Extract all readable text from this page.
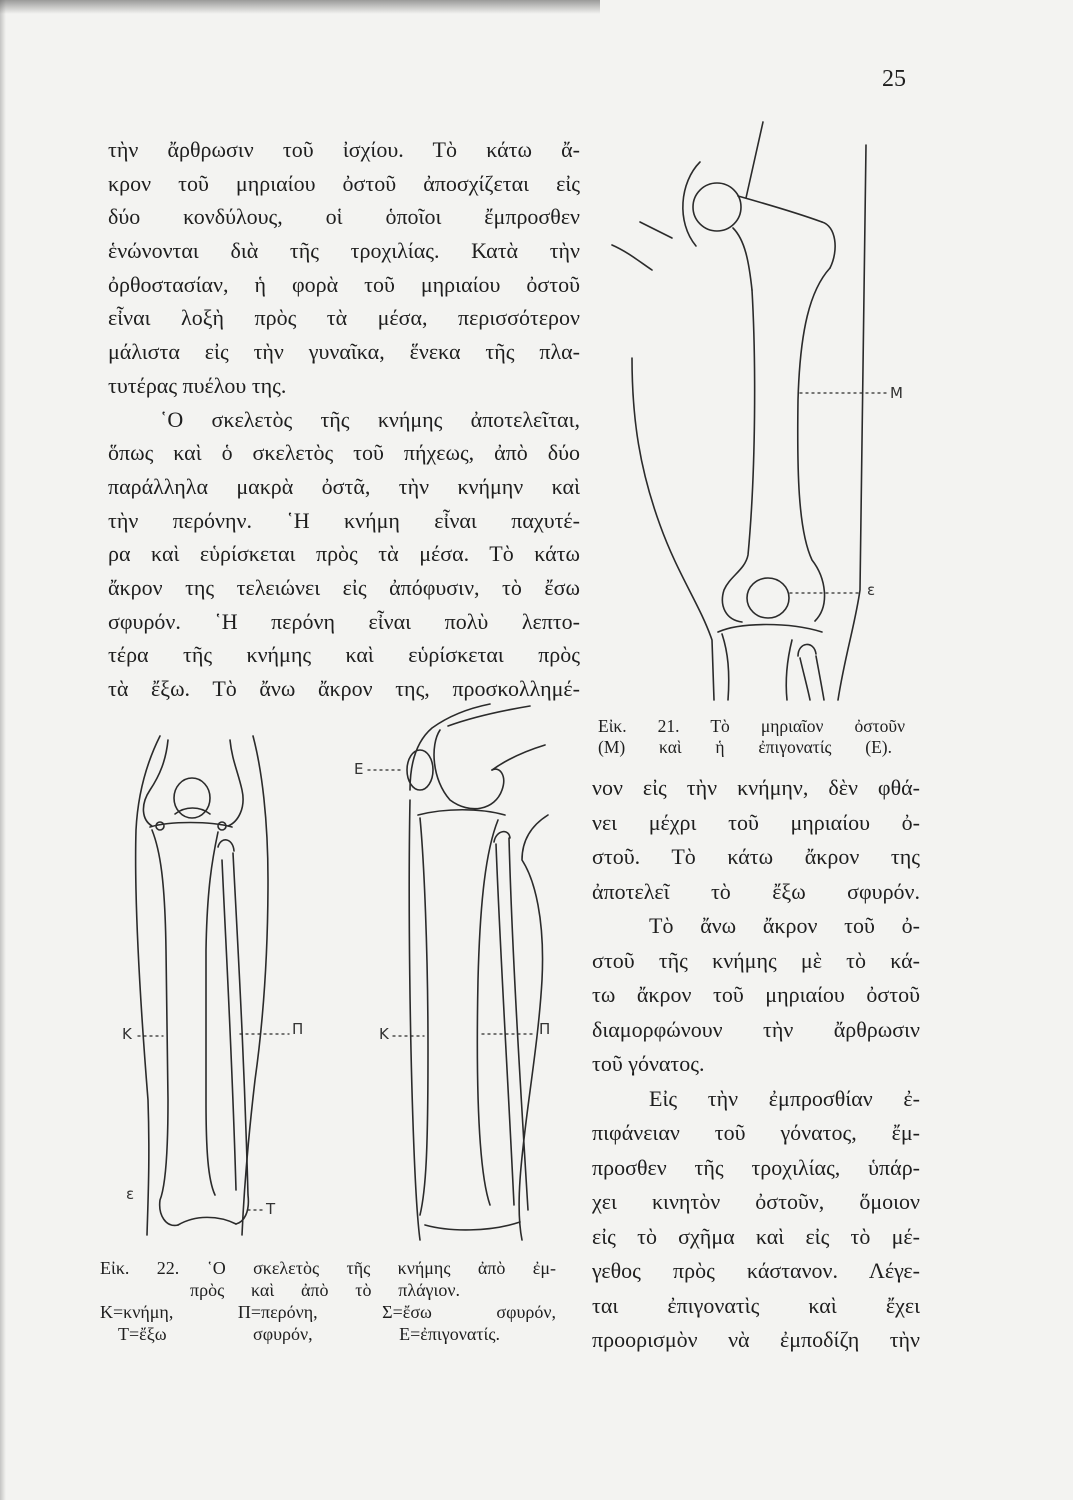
25
τὴν ἄρθρωσιν τοῦ ἰσχίου. Τὸ κάτω ἄ-
κρον τοῦ μηριαίου ὀστοῦ ἀποσχίζεται εἰς
δύο κονδύλους, οἱ ὁποῖοι ἔμπροσθεν
ἑνώνονται διὰ τῆς τροχιλίας. Κατὰ τὴν
ὀρθοστασίαν, ἡ φορὰ τοῦ μηριαίου ὀστοῦ
εἶναι λοξὴ πρὸς τὰ μέσα, περισσότερον
μάλιστα εἰς τὴν γυναῖκα, ἕνεκα τῆς πλα-
τυτέρας πυέλου της.
῾Ο σκελετὸς τῆς κνήμης ἀποτελεῖται,
ὅπως καὶ ὁ σκελετὸς τοῦ πήχεως, ἀπὸ δύο
παράλληλα μακρὰ ὀστᾶ, τὴν κνήμην καὶ
τὴν περόνην. ῾Η κνήμη εἶναι παχυτέ-
ρα καὶ εὑρίσκεται πρὸς τὰ μέσα. Τὸ κάτω
ἄκρον της τελειώνει εἰς ἀπόφυσιν, τὸ ἔσω
σφυρόν. ῾Η περόνη εἶναι πολὺ λεπτο-
τέρα τῆς κνήμης καὶ εὑρίσκεται πρὸς
τὰ ἔξω. Τὸ ἄνω ἄκρον της, προσκολλημέ-
νον εἰς τὴν κνήμην, δὲν φθά-
νει μέχρι τοῦ μηριαίου ὀ-
στοῦ. Τὸ κάτω ἄκρον της
ἀποτελεῖ τὸ ἔξω σφυρόν.
Τὸ ἄνω ἄκρον τοῦ ὀ-
στοῦ τῆς κνήμης μὲ τὸ κά-
τω ἄκρον τοῦ μηριαίου ὀστοῦ
διαμορφώνουν τὴν ἄρθρωσιν
τοῦ γόνατος.
Εἰς τὴν ἐμπροσθίαν ἐ-
πιφάνειαν τοῦ γόνατος, ἔμ-
προσθεν τῆς τροχιλίας, ὑπάρ-
χει κινητὸν ὀστοῦν, ὅμοιον
εἰς τὸ σχῆμα καὶ εἰς τὸ μέ-
γεθος πρὸς κάστανον. Λέγε-
ται ἐπιγονατὶς καὶ ἔχει
προορισμὸν νὰ ἐμποδίζη τὴν
Μ
ε
Εἰκ. 21. Τὸ μηριαῖον ὀστοῦν
(Μ) καὶ ἡ ἐπιγονατίς (Ε).
Ε
Κ	Π	Κ	Π
ε
Τ
Εἰκ. 22. ῾Ο σκελετὸς τῆς κνήμης ἀπὸ ἐμ-
πρὸς καὶ ἀπὸ τὸ πλάγιον.
Κ=κνήμη, Π=περόνη, Σ=ἔσω σφυρόν,
Τ=ἔξω σφυρόν, Ε=ἐπιγονατίς.
